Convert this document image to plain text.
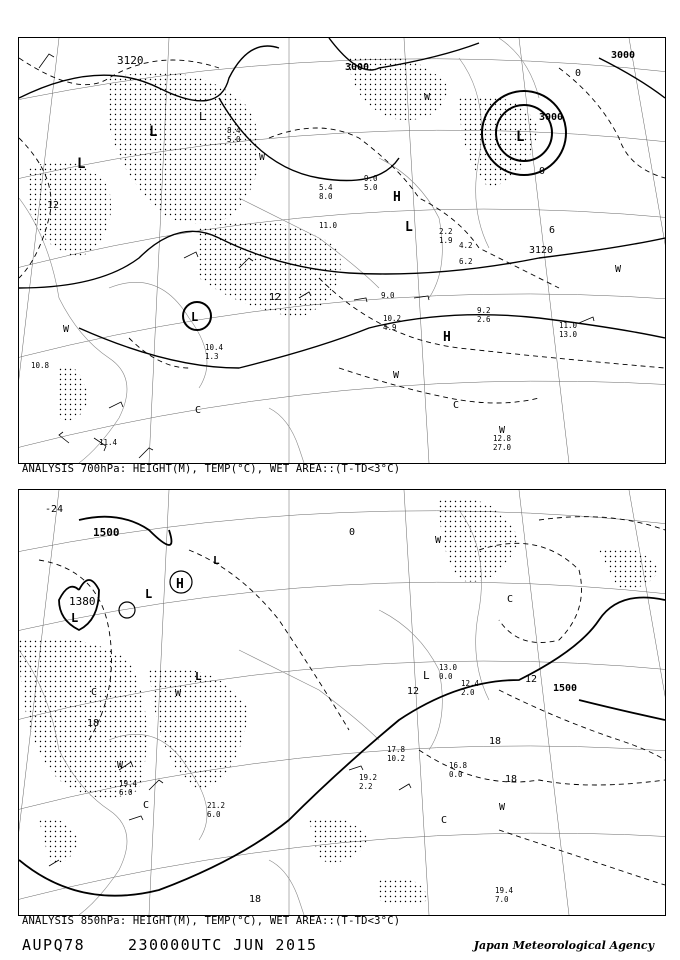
3120
3000
3000
3000
3120
12
L
L
L
L
L
H
H
L
W
W
W
W
W
C	C
W
12
0
0
6
9.0
5.0
5.4
8.0
11.0
4.2
2.2
1.9
6.2
9.0
10.2
4.9
9.2
2.6
11.0
13.0
12.8
27.0
10.4
1.3
11.4
10.8
8.4
5.0
ANALYSIS 700hPa: HEIGHT(M), TEMP(°C), WET AREA::(T-TD<3°C)
1500
1380
1500
H
L
L
L
L
W
C
W
C
C	W
C
W
L
-24
18
12
12
18
18
18
0
19.4
7.0
16.8
0.0
19.2
2.2
17.8
10.2
13.0
0.0
12.4
2.0
19.4
6.0
21.2
6.0
ANALYSIS 850hPa: HEIGHT(M), TEMP(°C), WET AREA::(T-TD<3°C)
AUPQ78	230000UTC JUN 2015	Japan Meteorological Agency
